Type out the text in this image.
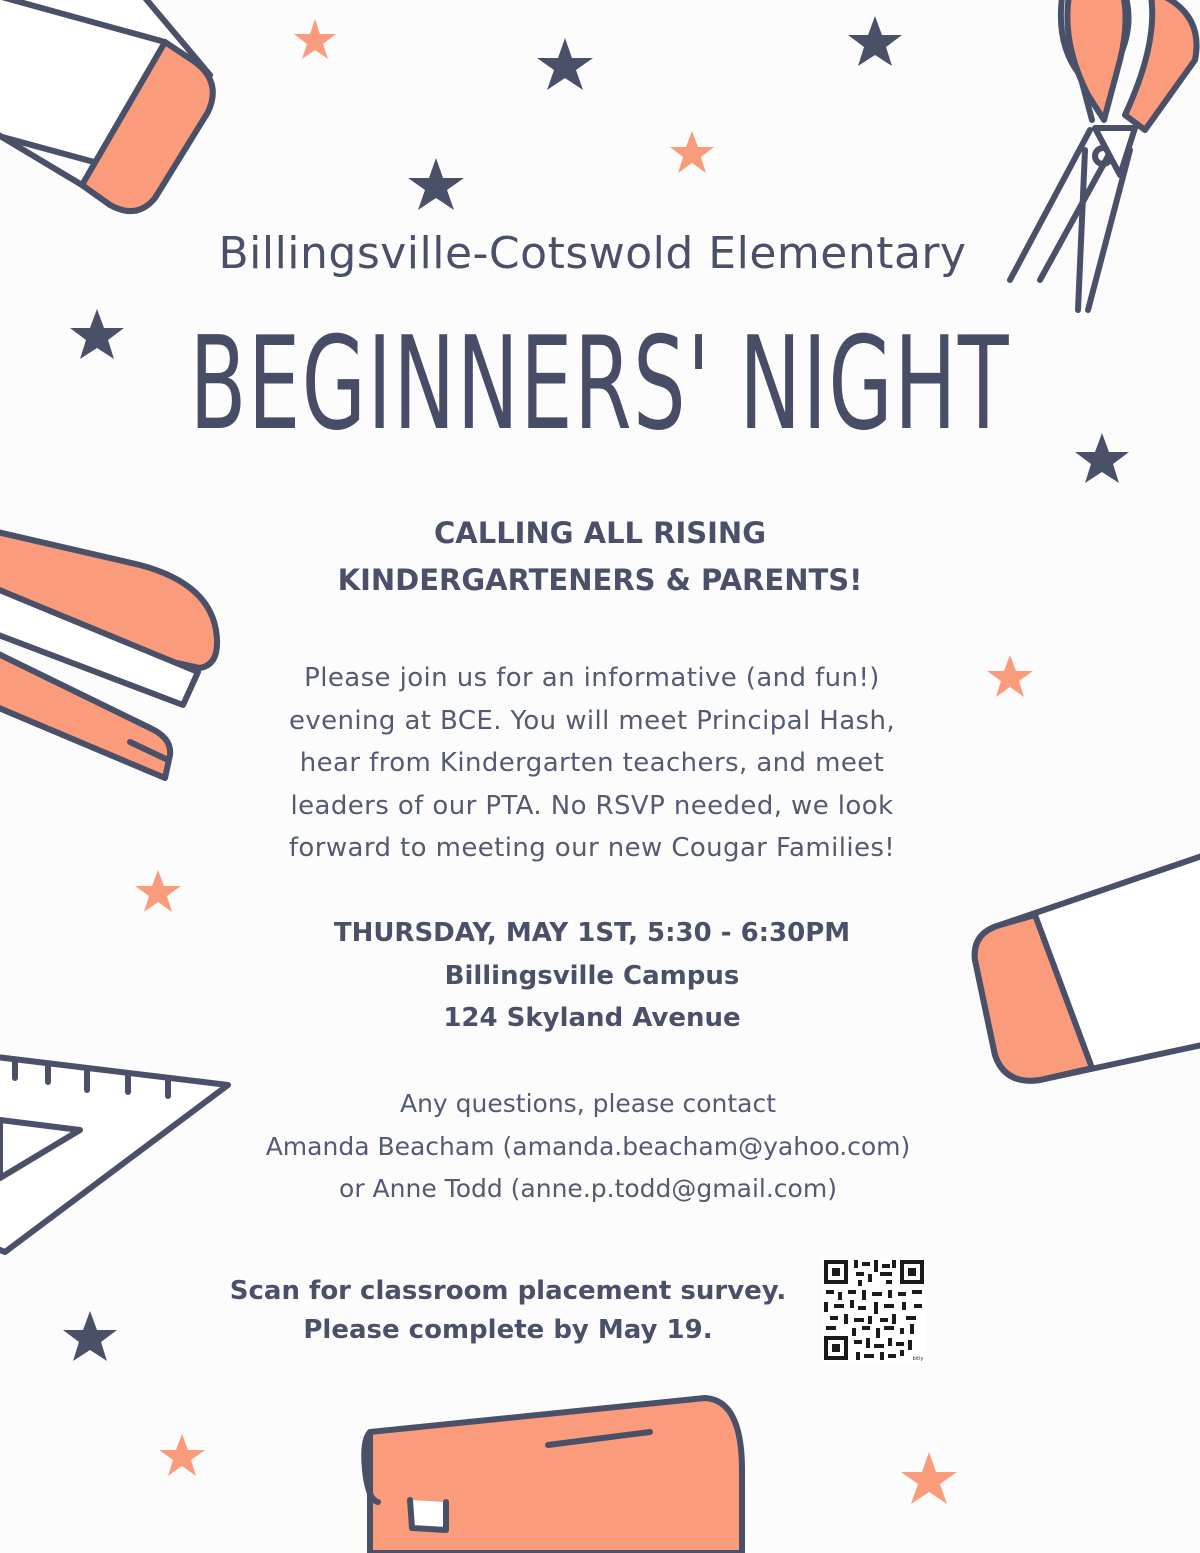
Billingsville-Cotswold Elementary
BEGINNERS' NIGHT
CALLING ALL RISING
KINDERGARTENERS & PARENTS!
Please join us for an informative (and fun!)
evening at BCE. You will meet Principal Hash,
hear from Kindergarten teachers, and meet
leaders of our PTA. No RSVP needed, we look
forward to meeting our new Cougar Families!
THURSDAY, MAY 1ST, 5:30 - 6:30PM
Billingsville Campus
124 Skyland Avenue
Any questions, please contact
Amanda Beacham (amanda.beacham@yahoo.com)
or Anne Todd (anne.p.todd@gmail.com)
Scan for classroom placement survey.
Please complete by May 19.
bitly
